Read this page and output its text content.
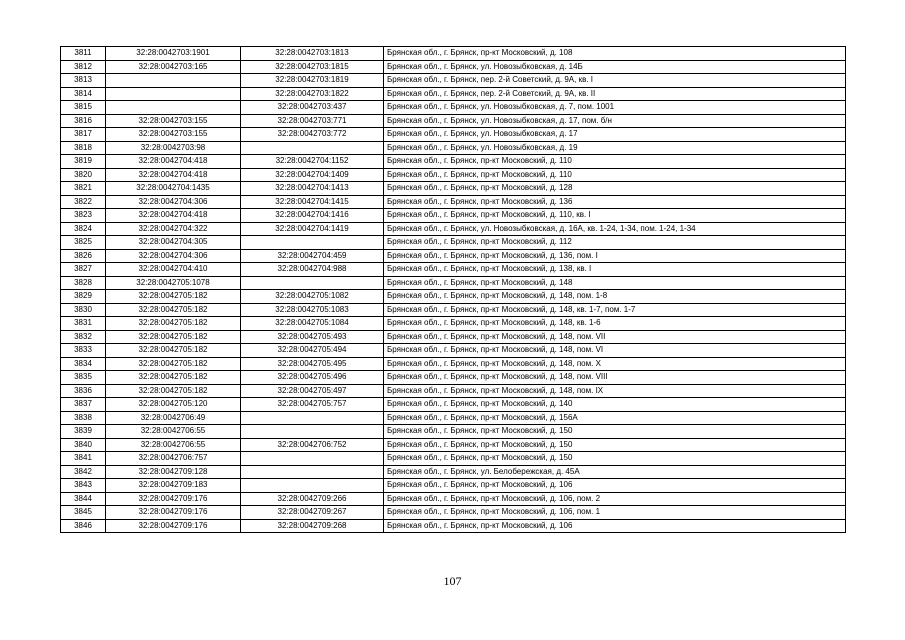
3811	32:28:0042703:1901	32:28:0042703:1813	Брянская обл., г. Брянск, пр-кт Московский, д. 108
3812	32:28:0042703:165	32:28:0042703:1815	Брянская обл., г. Брянск, ул. Новозыбковская, д. 14Б
3813		32:28:0042703:1819	Брянская обл., г. Брянск, пер. 2-й Советский, д. 9А, кв. I
3814		32:28:0042703:1822	Брянская обл., г. Брянск, пер. 2-й Советский, д. 9А, кв. II
3815		32:28:0042703:437	Брянская обл., г. Брянск, ул. Новозыбковская, д. 7, пом. 1001
3816	32:28:0042703:155	32:28:0042703:771	Брянская обл., г. Брянск, ул. Новозыбковская, д. 17, пом. б/н
3817	32:28:0042703:155	32:28:0042703:772	Брянская обл., г. Брянск, ул. Новозыбковская, д. 17
3818	32:28:0042703:98		Брянская обл., г. Брянск, ул. Новозыбковская, д. 19
3819	32:28:0042704:418	32:28:0042704:1152	Брянская обл., г. Брянск, пр-кт Московский, д. 110
3820	32:28:0042704:418	32:28:0042704:1409	Брянская обл., г. Брянск, пр-кт Московский, д. 110
3821	32:28:0042704:1435	32:28:0042704:1413	Брянская обл., г. Брянск, пр-кт Московский, д. 128
3822	32:28:0042704:306	32:28:0042704:1415	Брянская обл., г. Брянск, пр-кт Московский, д. 136
3823	32:28:0042704:418	32:28:0042704:1416	Брянская обл., г. Брянск, пр-кт Московский, д. 110, кв. I
3824	32:28:0042704:322	32:28:0042704:1419	Брянская обл., г. Брянск, ул. Новозыбковская, д. 16А, кв. 1-24, 1-34, пом. 1-24, 1-34
3825	32:28:0042704:305		Брянская обл., г. Брянск, пр-кт Московский, д. 112
3826	32:28:0042704:306	32:28:0042704:459	Брянская обл., г. Брянск, пр-кт Московский, д. 136, пом. I
3827	32:28:0042704:410	32:28:0042704:988	Брянская обл., г. Брянск, пр-кт Московский, д. 138, кв. I
3828	32:28:0042705:1078		Брянская обл., г. Брянск, пр-кт Московский, д. 148
3829	32:28:0042705:182	32:28:0042705:1082	Брянская обл., г. Брянск, пр-кт Московский, д. 148, пом. 1-8
3830	32:28:0042705:182	32:28:0042705:1083	Брянская обл., г. Брянск, пр-кт Московский, д. 148, кв. 1-7, пом. 1-7
3831	32:28:0042705:182	32:28:0042705:1084	Брянская обл., г. Брянск, пр-кт Московский, д. 148, кв. 1-6
3832	32:28:0042705:182	32:28:0042705:493	Брянская обл., г. Брянск, пр-кт Московский, д. 148, пом. VII
3833	32:28:0042705:182	32:28:0042705:494	Брянская обл., г. Брянск, пр-кт Московский, д. 148, пом. VI
3834	32:28:0042705:182	32:28:0042705:495	Брянская обл., г. Брянск, пр-кт Московский, д. 148, пом. X
3835	32:28:0042705:182	32:28:0042705:496	Брянская обл., г. Брянск, пр-кт Московский, д. 148, пом. VIII
3836	32:28:0042705:182	32:28:0042705:497	Брянская обл., г. Брянск, пр-кт Московский, д. 148, пом. IX
3837	32:28:0042705:120	32:28:0042705:757	Брянская обл., г. Брянск, пр-кт Московский, д. 140
3838	32:28:0042706:49		Брянская обл., г. Брянск, пр-кт Московский, д. 156А
3839	32:28:0042706:55		Брянская обл., г. Брянск, пр-кт Московский, д. 150
3840	32:28:0042706:55	32:28:0042706:752	Брянская обл., г. Брянск, пр-кт Московский, д. 150
3841	32:28:0042706:757		Брянская обл., г. Брянск, пр-кт Московский, д. 150
3842	32:28:0042709:128		Брянская обл., г. Брянск, ул. Белобережская, д. 45А
3843	32:28:0042709:183		Брянская обл., г. Брянск, пр-кт Московский, д. 106
3844	32:28:0042709:176	32:28:0042709:266	Брянская обл., г. Брянск, пр-кт Московский, д. 106, пом. 2
3845	32:28:0042709:176	32:28:0042709:267	Брянская обл., г. Брянск, пр-кт Московский, д. 106, пом. 1
3846	32:28:0042709:176	32:28:0042709:268	Брянская обл., г. Брянск, пр-кт Московский, д. 106
107
